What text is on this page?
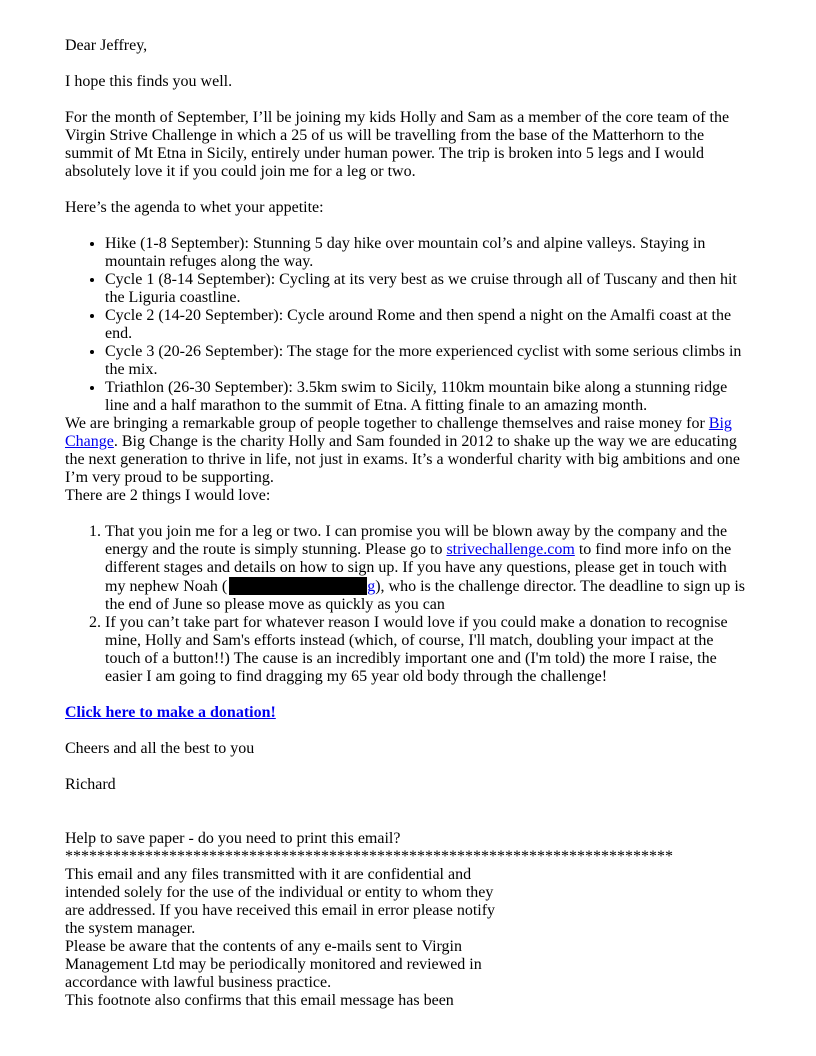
Dear Jeffrey,

I hope this finds you well.

For the month of September, I’ll be joining my kids Holly and Sam as a member of the core team of the Virgin Strive Challenge in which a 25 of us will be travelling from the base of the Matterhorn to the summit of Mt Etna in Sicily, entirely under human power. The trip is broken into 5 legs and I would absolutely love it if you could join me for a leg or two.

Here’s the agenda to whet your appetite:

• Hike (1-8 September): Stunning 5 day hike over mountain col’s and alpine valleys. Staying in mountain refuges along the way.
• Cycle 1 (8-14 September): Cycling at its very best as we cruise through all of Tuscany and then hit the Liguria coastline.
• Cycle 2 (14-20 September): Cycle around Rome and then spend a night on the Amalfi coast at the end.
• Cycle 3 (20-26 September): The stage for the more experienced cyclist with some serious climbs in the mix.
• Triathlon (26-30 September): 3.5km swim to Sicily, 110km mountain bike along a stunning ridge line and a half marathon to the summit of Etna. A fitting finale to an amazing month.

We are bringing a remarkable group of people together to challenge themselves and raise money for Big Change. Big Change is the charity Holly and Sam founded in 2012 to shake up the way we are educating the next generation to thrive in life, not just in exams. It’s a wonderful charity with big ambitions and one I’m very proud to be supporting.

There are 2 things I would love:

1. That you join me for a leg or two. I can promise you will be blown away by the company and the energy and the route is simply stunning. Please go to strivechallenge.com to find more info on the different stages and details on how to sign up. If you have any questions, please get in touch with my nephew Noah (	g), who is the challenge director. The deadline to sign up is the end of June so please move as quickly as you can
2. If you can’t take part for whatever reason I would love if you could make a donation to recognise mine, Holly and Sam's efforts instead (which, of course, I'll match, doubling your impact at the touch of a button!!) The cause is an incredibly important one and (I'm told) the more I raise, the easier I am going to find dragging my 65 year old body through the challenge!

Click here to make a donation!

Cheers and all the best to you

Richard

Help to save paper - do you need to print this email?

****************************************************************************

This email and any files transmitted with it are confidential and

intended solely for the use of the individual or entity to whom they

are addressed. If you have received this email in error please notify

the system manager.

Please be aware that the contents of any e-mails sent to Virgin

Management Ltd may be periodically monitored and reviewed in

accordance with lawful business practice.

This footnote also confirms that this email message has been
